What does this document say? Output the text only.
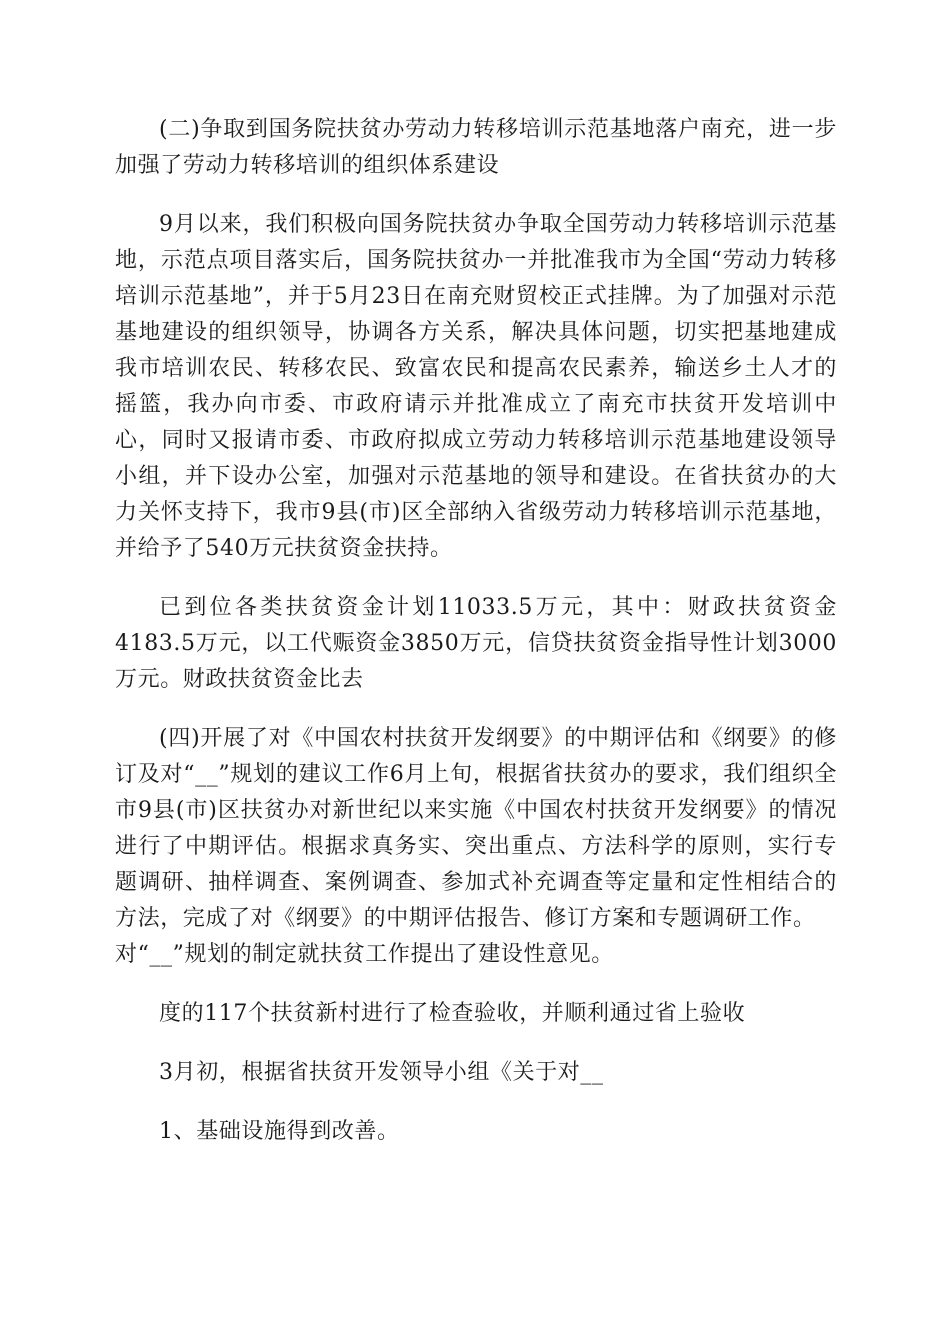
(二)争取到国务院扶贫办劳动力转移培训示范基地落户南充，进一步加强了劳动力转移培训的组织体系建设

9月以来，我们积极向国务院扶贫办争取全国劳动力转移培训示范基地，示范点项目落实后，国务院扶贫办一并批准我市为全国“劳动力转移培训示范基地”，并于5月23日在南充财贸校正式挂牌。为了加强对示范基地建设的组织领导，协调各方关系，解决具体问题，切实把基地建成我市培训农民、转移农民、致富农民和提高农民素养，输送乡土人才的摇篮，我办向市委、市政府请示并批准成立了南充市扶贫开发培训中心，同时又报请市委、市政府拟成立劳动力转移培训示范基地建设领导小组，并下设办公室，加强对示范基地的领导和建设。在省扶贫办的大力关怀支持下，我市9县(市)区全部纳入省级劳动力转移培训示范基地，并给予了540万元扶贫资金扶持。

已到位各类扶贫资金计划11033.5万元，其中：财政扶贫资金4183.5万元，以工代赈资金3850万元，信贷扶贫资金指导性计划3000万元。财政扶贫资金比去

(四)开展了对《中国农村扶贫开发纲要》的中期评估和《纲要》的修订及对“__”规划的建议工作6月上旬，根据省扶贫办的要求，我们组织全市9县(市)区扶贫办对新世纪以来实施《中国农村扶贫开发纲要》的情况进行了中期评估。根据求真务实、突出重点、方法科学的原则，实行专题调研、抽样调查、案例调查、参加式补充调查等定量和定性相结合的方法，完成了对《纲要》的中期评估报告、修订方案和专题调研工作。

对“__”规划的制定就扶贫工作提出了建设性意见。

度的117个扶贫新村进行了检查验收，并顺利通过省上验收

3月初，根据省扶贫开发领导小组《关于对__

1、基础设施得到改善。
